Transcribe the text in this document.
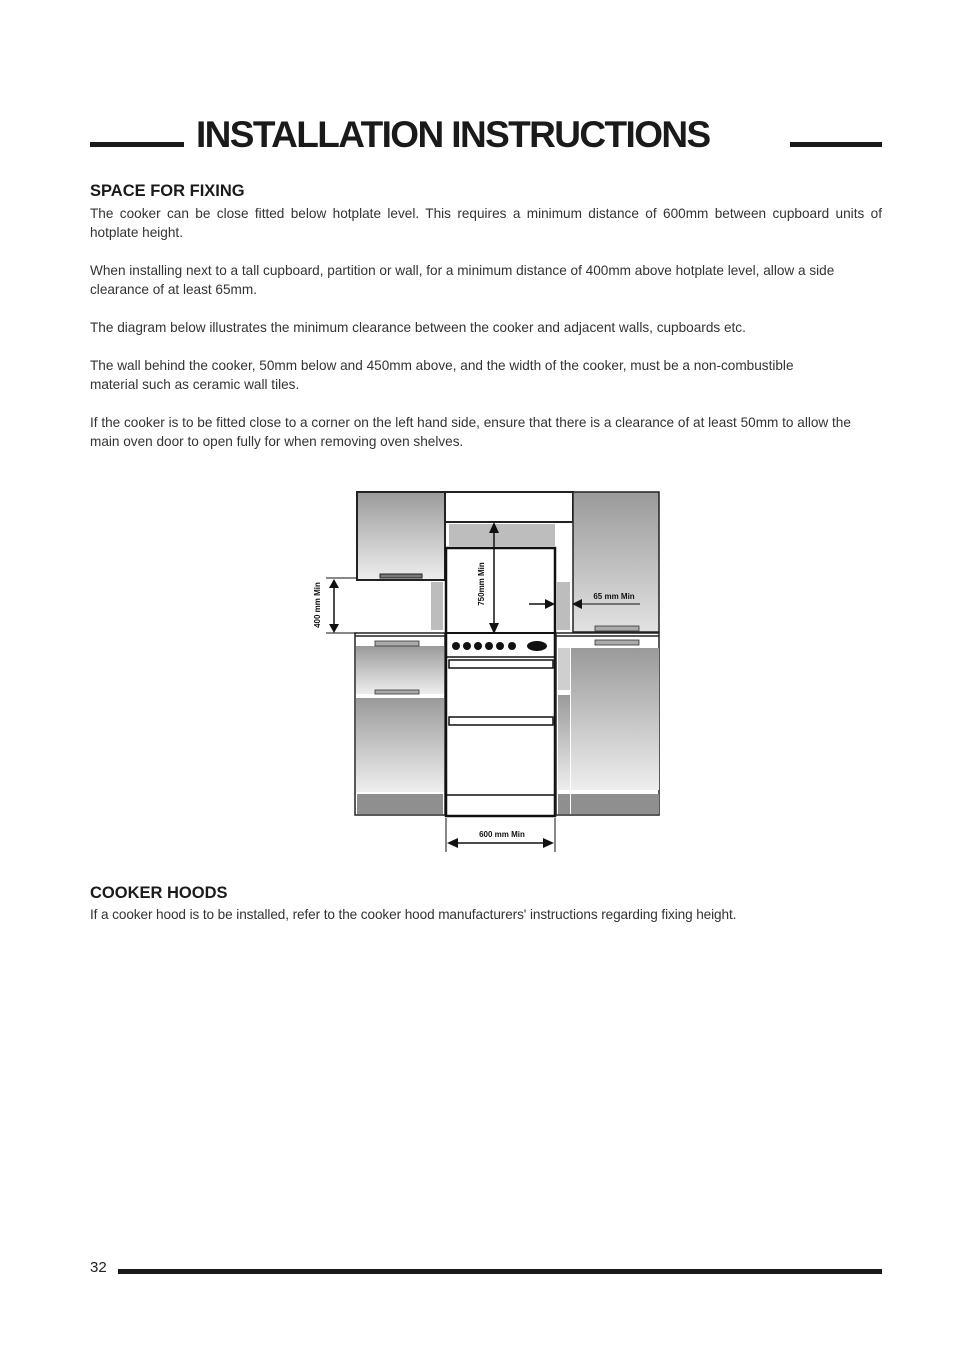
INSTALLATION INSTRUCTIONS
SPACE FOR FIXING

The cooker can be close fitted below hotplate level. This requires a minimum distance of 600mm between cupboard units of hotplate height.

When installing next to a tall cupboard, partition or wall, for a minimum distance of 400mm above hotplate level, allow a side clearance of at least 65mm.

The diagram below illustrates the minimum clearance between the cooker and adjacent walls, cupboards etc.

The wall behind the cooker, 50mm below and 450mm above, and the width of the cooker, must be a non-combustible material such as ceramic wall tiles.

If the cooker is to be fitted close to a corner on the left hand side, ensure that there is a clearance of at least 50mm to allow the main oven door to open fully for when removing oven shelves.

400 mm Min	750mm Min	65 mm Min
600 mm Min
COOKER HOODS

If a cooker hood is to be installed, refer to the cooker hood manufacturers' instructions regarding fixing height.

32
